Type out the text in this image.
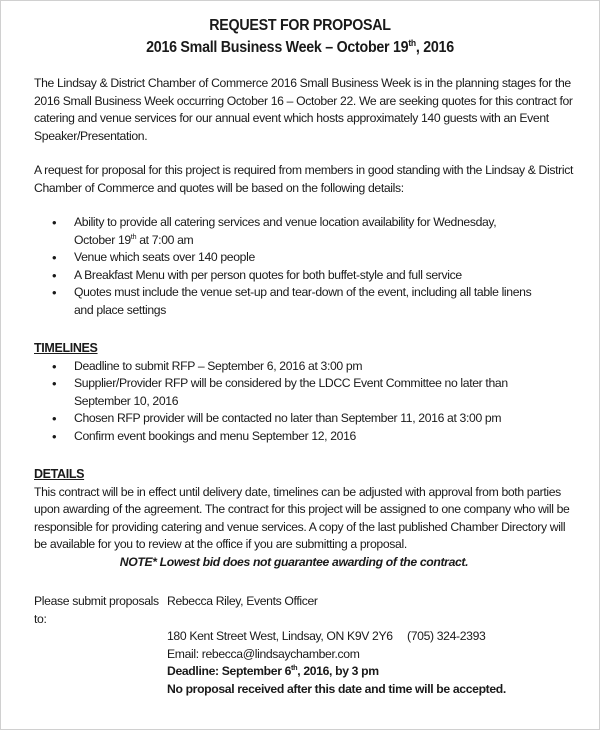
REQUEST FOR PROPOSAL
2016 Small Business Week – October 19th, 2016

The Lindsay & District Chamber of Commerce 2016 Small Business Week is in the planning stages for the 2016 Small Business Week occurring October 16 – October 22. We are seeking quotes for this contract for catering and venue services for our annual event which hosts approximately 140 guests with an Event Speaker/Presentation.

A request for proposal for this project is required from members in good standing with the Lindsay & District Chamber of Commerce and quotes will be based on the following details:

• Ability to provide all catering services and venue location availability for Wednesday, October 19th at 7:00 am
• Venue which seats over 140 people
• A Breakfast Menu with per person quotes for both buffet-style and full service
• Quotes must include the venue set-up and tear-down of the event, including all table linens and place settings
TIMELINES
• Deadline to submit RFP – September 6, 2016 at 3:00 pm
• Supplier/Provider RFP will be considered by the LDCC Event Committee no later than September 10, 2016
• Chosen RFP provider will be contacted no later than September 11, 2016 at 3:00 pm
• Confirm event bookings and menu September 12, 2016
DETAILS

This contract will be in effect until delivery date, timelines can be adjusted with approval from both parties upon awarding of the agreement. The contract for this project will be assigned to one company who will be responsible for providing catering and venue services. A copy of the last published Chamber Directory will be available for you to review at the office if you are submitting a proposal.

NOTE* Lowest bid does not guarantee awarding of the contract.
Please submit proposals to:
Rebecca Riley, Events Officer
180 Kent Street West, Lindsay, ON K9V 2Y6 (705) 324-2393
Email: rebecca@lindsaychamber.com
Deadline: September 6th, 2016, by 3 pm
No proposal received after this date and time will be accepted.
